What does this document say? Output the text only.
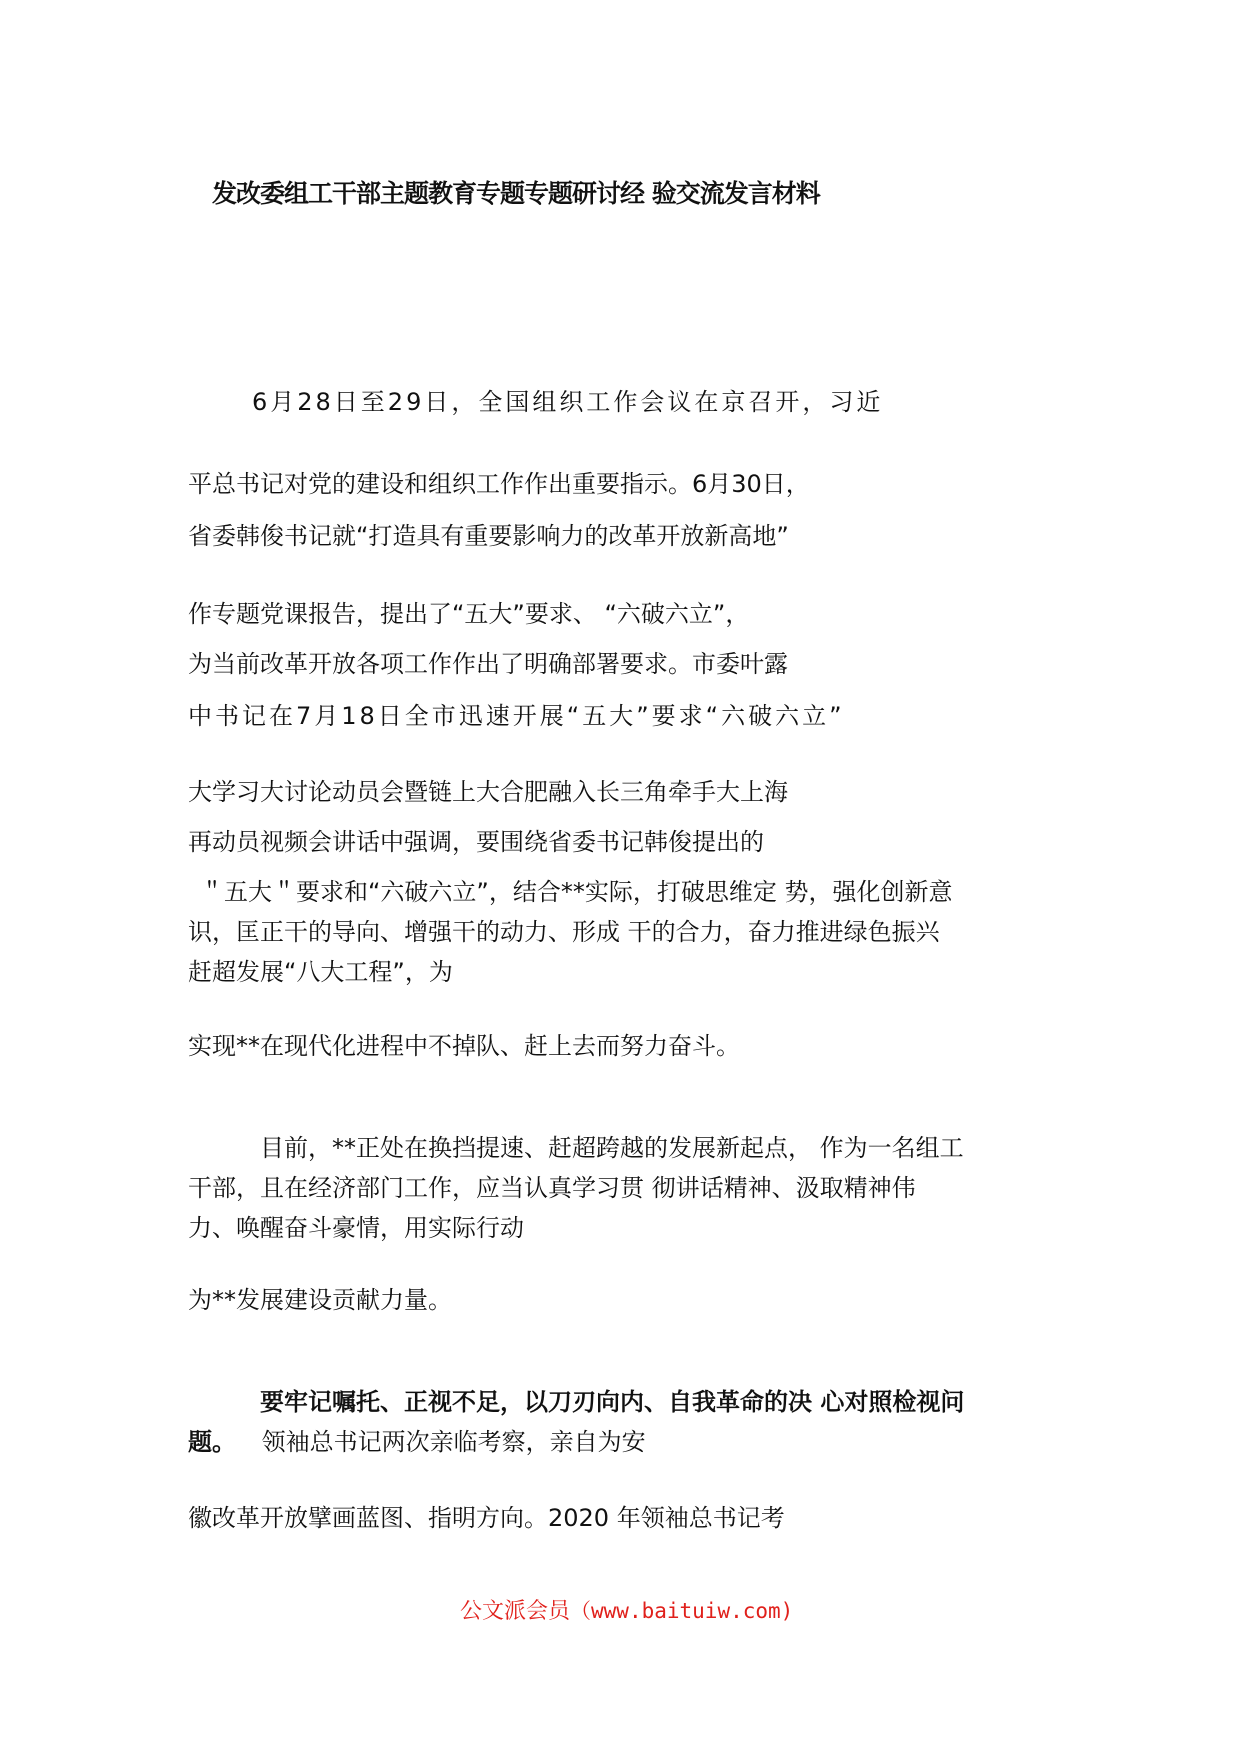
发改委组工干部主题教育专题专题研讨经 验交流发言材料
6月28日至29日，全国组织工作会议在京召开，习近
平总书记对党的建设和组织工作作出重要指示。6月30日，
省委韩俊书记就“打造具有重要影响力的改革开放新高地”
作专题党课报告，提出了“五大”要求、 “六破六立”，
为当前改革开放各项工作作出了明确部署要求。市委叶露
中书记在7月18日全市迅速开展“五大”要求“六破六立”
大学习大讨论动员会暨链上大合肥融入长三角牵手大上海
再动员视频会讲话中强调，要围绕省委书记韩俊提出的
＂五大＂要求和“六破六立”，结合**实际，打破思维定 势，强化创新意
识，匡正干的导向、增强干的动力、形成 干的合力，奋力推进绿色振兴
赶超发展“八大工程”，为
实现**在现代化进程中不掉队、赶上去而努力奋斗。
目前，**正处在换挡提速、赶超跨越的发展新起点， 作为一名组工
干部，且在经济部门工作，应当认真学习贯 彻讲话精神、汲取精神伟
力、唤醒奋斗豪情，用实际行动
为**发展建设贡献力量。
要牢记嘱托、正视不足，以刀刃向内、自我革命的决 心对照检视问
题。 领袖总书记两次亲临考察，亲自为安
徽改革开放擘画蓝图、指明方向。2020 年领袖总书记考
公文派会员（www.baituiw.com)
